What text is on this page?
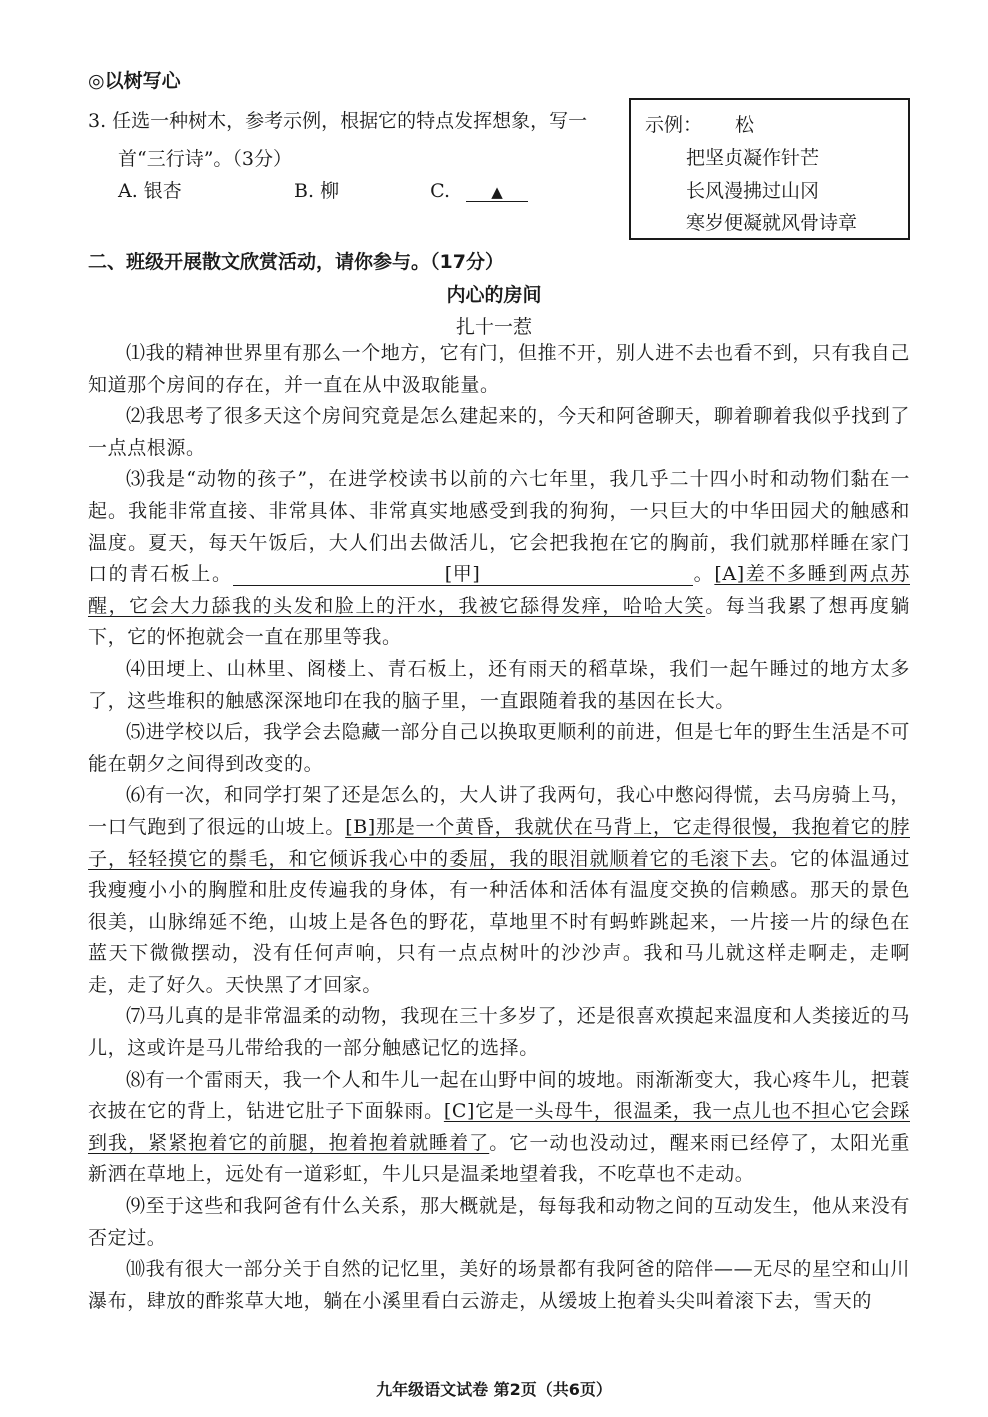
◎以树写心
3. 任选一种树木，参考示例，根据它的特点发挥想象，写一
首“三行诗”。（3分）
A. 银杏	B. 柳	C.	▲
示例： 松
把坚贞凝作针芒
长风漫拂过山冈
寒岁便凝就风骨诗章
二、班级开展散文欣赏活动，请你参与。（17分）
内心的房间
扎十一惹

⑴我的精神世界里有那么一个地方，它有门，但推不开，别人进不去也看不到，只有我自己知道那个房间的存在，并一直在从中汲取能量。

⑵我思考了很多天这个房间究竟是怎么建起来的，今天和阿爸聊天，聊着聊着我似乎找到了一点点根源。

⑶我是“动物的孩子”，在进学校读书以前的六七年里，我几乎二十四小时和动物们黏在一起。我能非常直接、非常具体、非常真实地感受到我的狗狗，一只巨大的中华田园犬的触感和温度。夏天，每天午饭后，大人们出去做活儿，它会把我抱在它的胸前，我们就那样睡在家门口的青石板上。	[甲]	。[A]差不多睡到两点苏醒，它会大力舔我的头发和脸上的汗水，我被它舔得发痒，哈哈大笑。每当我累了想再度躺下，它的怀抱就会一直在那里等我。

⑷田埂上、山林里、阁楼上、青石板上，还有雨天的稻草垛，我们一起午睡过的地方太多了，这些堆积的触感深深地印在我的脑子里，一直跟随着我的基因在长大。

⑸进学校以后，我学会去隐藏一部分自己以换取更顺利的前进，但是七年的野生生活是不可能在朝夕之间得到改变的。

⑹有一次，和同学打架了还是怎么的，大人讲了我两句，我心中憋闷得慌，去马房骑上马，一口气跑到了很远的山坡上。[B]那是一个黄昏，我就伏在马背上，它走得很慢，我抱着它的脖子，轻轻摸它的鬃毛，和它倾诉我心中的委屈，我的眼泪就顺着它的毛滚下去。它的体温通过我瘦瘦小小的胸膛和肚皮传遍我的身体，有一种活体和活体有温度交换的信赖感。那天的景色很美，山脉绵延不绝，山坡上是各色的野花，草地里不时有蚂蚱跳起来，一片接一片的绿色在蓝天下微微摆动，没有任何声响，只有一点点树叶的沙沙声。我和马儿就这样走啊走，走啊走，走了好久。天快黑了才回家。

⑺马儿真的是非常温柔的动物，我现在三十多岁了，还是很喜欢摸起来温度和人类接近的马儿，这或许是马儿带给我的一部分触感记忆的选择。

⑻有一个雷雨天，我一个人和牛儿一起在山野中间的坡地。雨渐渐变大，我心疼牛儿，把蓑衣披在它的背上，钻进它肚子下面躲雨。[C]它是一头母牛，很温柔，我一点儿也不担心它会踩到我，紧紧抱着它的前腿，抱着抱着就睡着了。它一动也没动过，醒来雨已经停了，太阳光重新洒在草地上，远处有一道彩虹，牛儿只是温柔地望着我，不吃草也不走动。

⑼至于这些和我阿爸有什么关系，那大概就是，每每我和动物之间的互动发生，他从来没有否定过。

⑽我有很大一部分关于自然的记忆里，美好的场景都有我阿爸的陪伴——无尽的星空和山川瀑布，肆放的酢浆草大地，躺在小溪里看白云游走，从缓坡上抱着头尖叫着滚下去，雪天的

九年级语文试卷 第2页（共6页）
